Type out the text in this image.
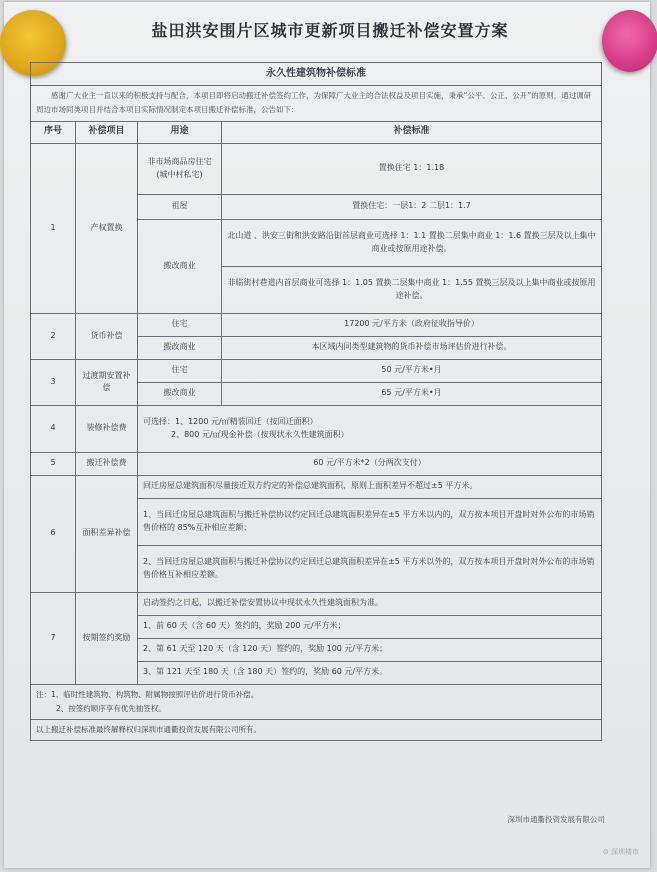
盐田洪安围片区城市更新项目搬迁补偿安置方案
永久性建筑物补偿标准			
感谢广大业主一直以来的积极支持与配合，本项目即将启动搬迁补偿签约工作，为保障广大业主的合法权益及项目实施，秉承“公平、公正、公开”的原则，通过调研周边市场同类项目并结合本项目实际情况制定本项目搬迁补偿标准，公告如下：			
序号	补偿项目	用途	补偿标准
1	产权置换	非市场商品房住宅(城中村私宅)	置换住宅 1：1.18
		祖屋	置换住宅：一层1：2 二层1：1.7
		搬改商业	北山道 、洪安三街和洪安路沿街首层商业可选择 1：1.1 置换二层集中商业 1：1.6 置换三层及以上集中商业或按原用途补偿。
			非临街村巷道内首层商业可选择 1：1.05 置换二层集中商业 1：1.55 置换三层及以上集中商业或按原用途补偿。
2	货币补偿	住宅	17200 元/平方米（政府征收指导价）
		搬改商业	本区域内同类型建筑物的货币补偿市场评估价进行补偿。
3	过渡期安置补偿	住宅	50 元/平方米•月
		搬改商业	65 元/平方米•月
4	装修补偿费	可选择：1、1200 元/㎡精装回迁（按回迁面积）
2、800 元/㎡现金补偿（按现状永久性建筑面积）	

5	搬迁补偿费	60 元/平方米*2（分两次支付）	
6	面积差异补偿	回迁房屋总建筑面积尽量接近双方约定的补偿总建筑面积，原则上面积差异不超过±5 平方米。	
		1、当回迁房屋总建筑面积与搬迁补偿协议约定回迁总建筑面积差异在±5 平方米以内的，双方按本项目开盘时对外公布的市场销售价格的 85%互补相应差额；	
		2、当回迁房屋总建筑面积与搬迁补偿协议约定回迁总建筑面积差异在±5 平方米以外的，双方按本项目开盘时对外公布的市场销售价格互补相应差额。	
7	按期签约奖励	启动签约之日起，以搬迁补偿安置协议中现状永久性建筑面积为准。	
		1、前 60 天（含 60 天）签约的，奖励 200 元/平方米；	
		2、第 61 天至 120 天（含 120 天）签约的，奖励 100 元/平方米；	
		3、第 121 天至 180 天（含 180 天）签约的，奖励 60 元/平方米。	

注：1、临时性建筑物、构筑物、附属物按照评估价进行货币补偿。
2、按签约顺序享有优先抽签权。			

以上搬迁补偿标准最终解释权归深圳市通衢投资发展有限公司所有。			
深圳市通衢投资发展有限公司
⊙ 深圳楼市
